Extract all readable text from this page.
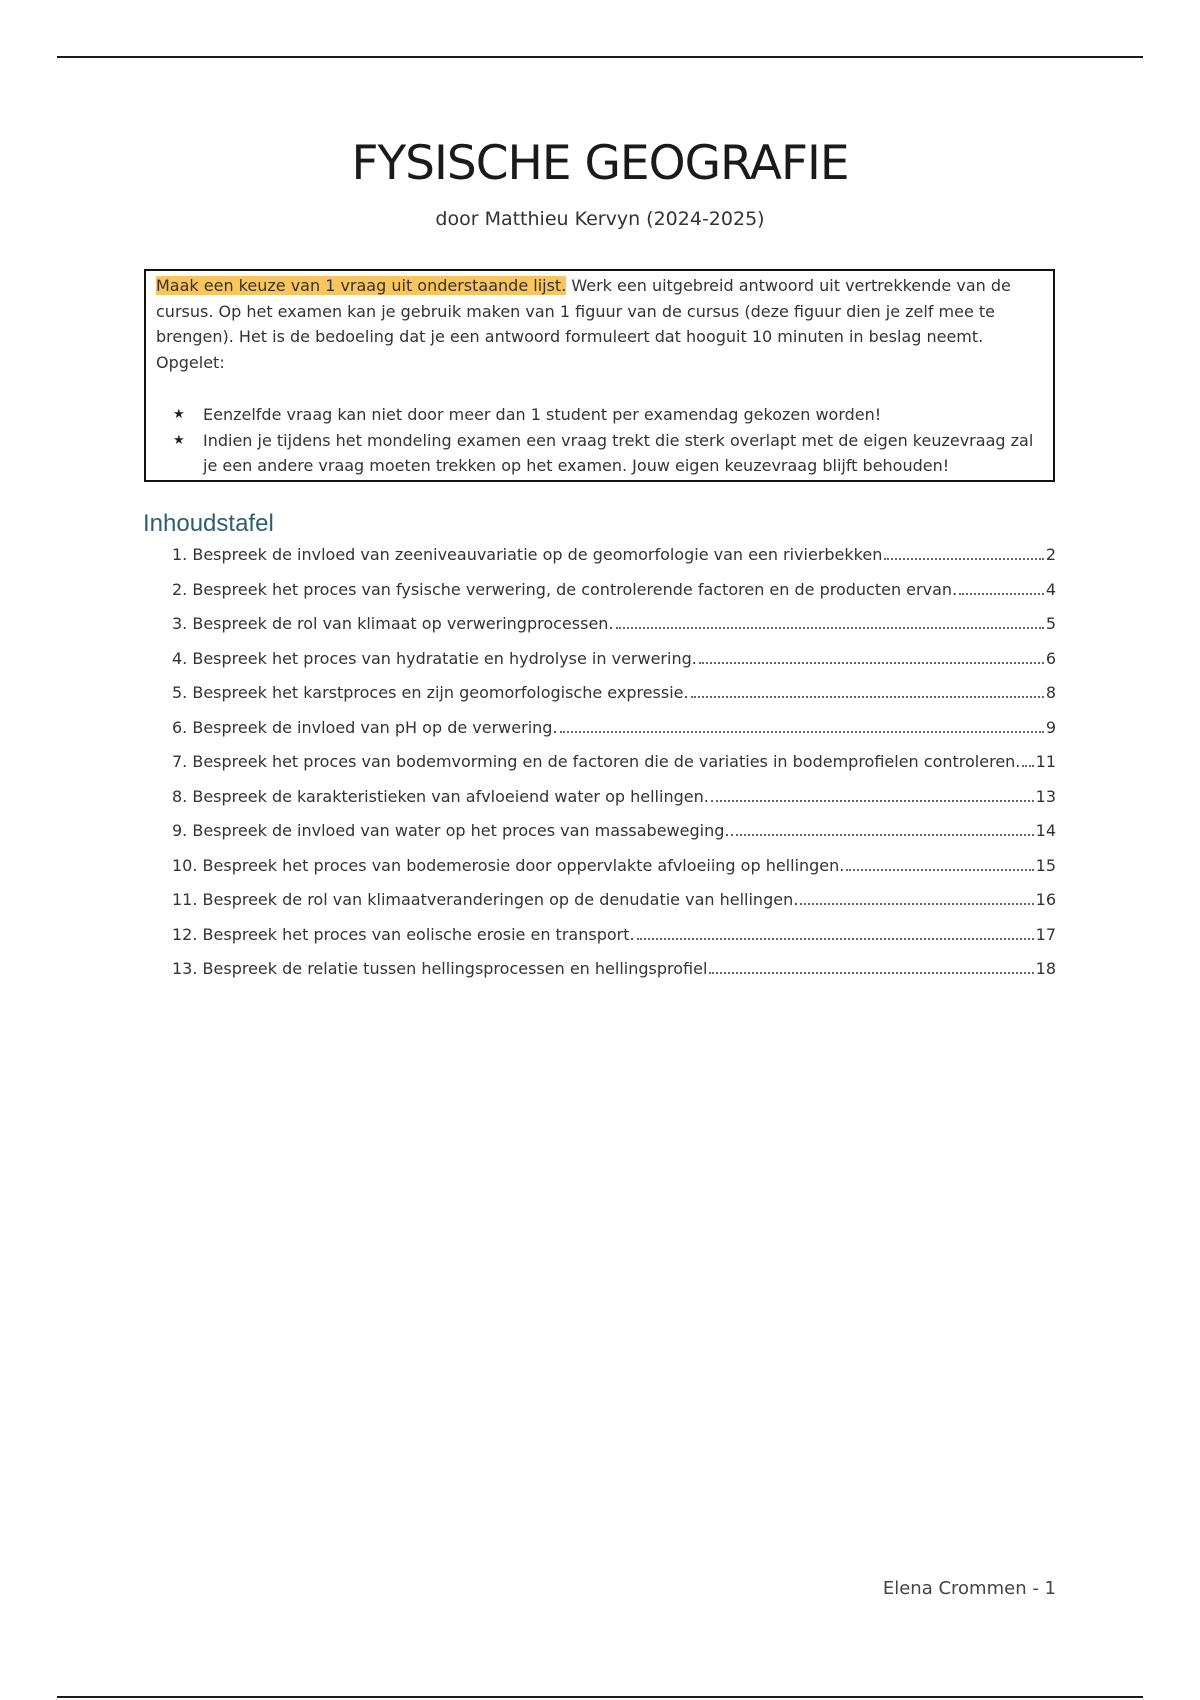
FYSISCHE GEOGRAFIE
door Matthieu Kervyn (2024-2025)

Maak een keuze van 1 vraag uit onderstaande lijst. Werk een uitgebreid antwoord uit vertrekkende van de cursus. Op het examen kan je gebruik maken van 1 figuur van de cursus (deze figuur dien je zelf mee te brengen). Het is de bedoeling dat je een antwoord formuleert dat hooguit 10 minuten in beslag neemt.

Opgelet:

★ Eenzelfde vraag kan niet door meer dan 1 student per examendag gekozen worden!
★ Indien je tijdens het mondeling examen een vraag trekt die sterk overlapt met de eigen keuzevraag zal je een andere vraag moeten trekken op het examen. Jouw eigen keuzevraag blijft behouden!
Inhoudstafel
1. Bespreek de invloed van zeeniveauvariatie op de geomorfologie van een rivierbekken	2
2. Bespreek het proces van fysische verwering, de controlerende factoren en de producten ervan.	4
3. Bespreek de rol van klimaat op verweringprocessen.	5
4. Bespreek het proces van hydratatie en hydrolyse in verwering.	6
5. Bespreek het karstproces en zijn geomorfologische expressie.	8
6. Bespreek de invloed van pH op de verwering.	9
7. Bespreek het proces van bodemvorming en de factoren die de variaties in bodemprofielen controleren. 11
8. Bespreek de karakteristieken van afvloeiend water op hellingen.	13
9. Bespreek de invloed van water op het proces van massabeweging.	14
10. Bespreek het proces van bodemerosie door oppervlakte afvloeiing op hellingen.	15
11. Bespreek de rol van klimaatveranderingen op de denudatie van hellingen.	16
12. Bespreek het proces van eolische erosie en transport.	17
13. Bespreek de relatie tussen hellingsprocessen en hellingsprofiel	18
Elena Crommen - 1
